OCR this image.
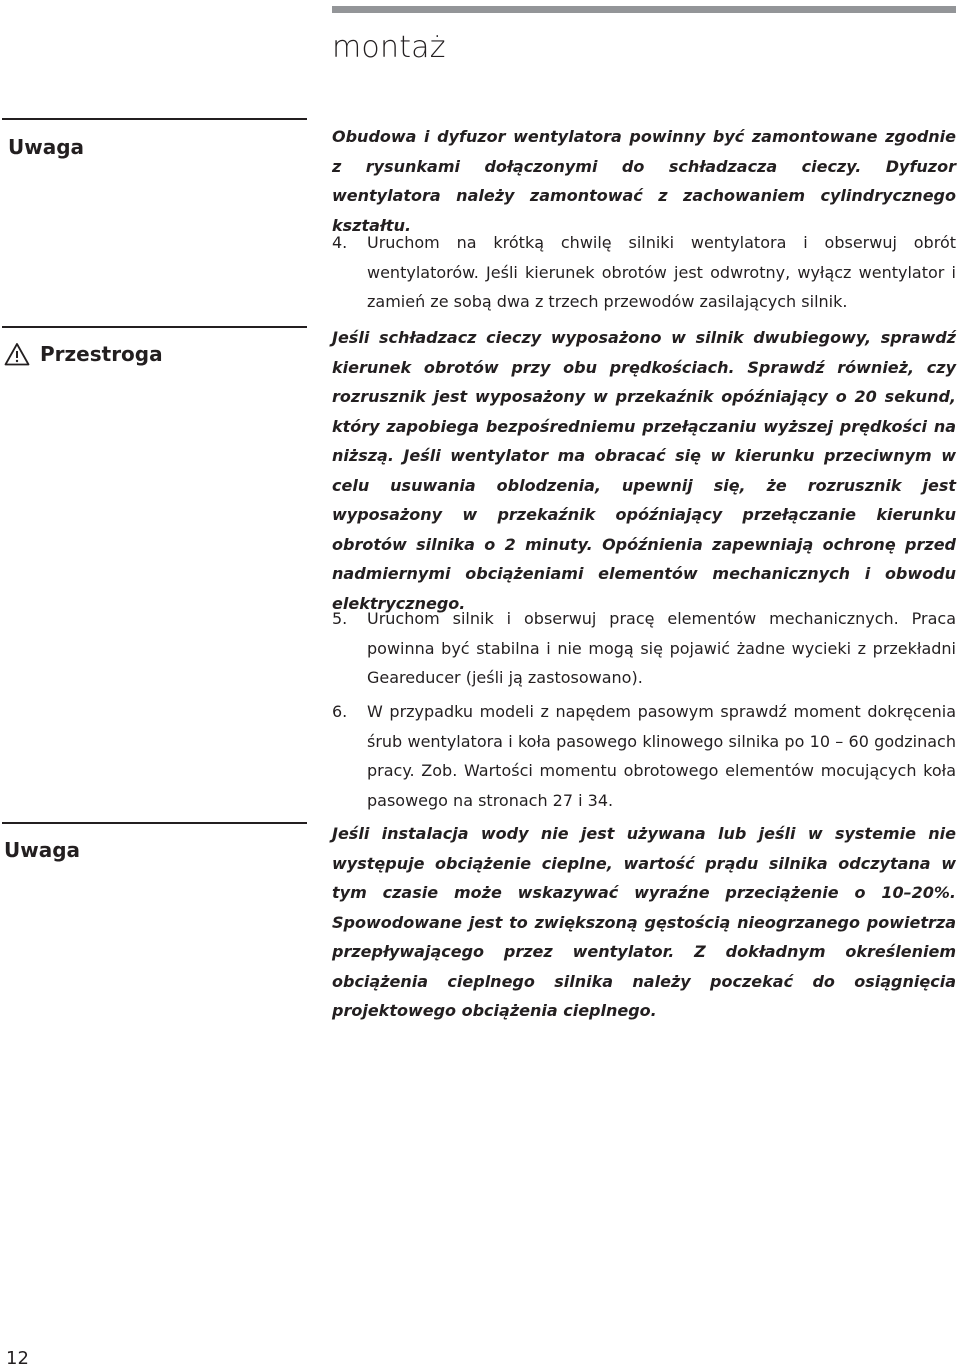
montaż
Uwaga	Obudowa i dyfuzor wentylatora powinny być zamontowane zgodnie z rysunkami dołączonymi do schładzacza cieczy. Dyfuzor wentylatora należy zamontować z zachowaniem cylindrycznego kształtu.

4.	Uruchom na krótką chwilę silniki wentylatora i obserwuj obrót wentylatorów. Jeśli kierunek obrotów jest odwrotny, wyłącz wentylator i zamień ze sobą dwa z trzech przewodów zasilających silnik.
Przestroga

Jeśli schładzacz cieczy wyposażono w silnik dwubiegowy, sprawdź kierunek obrotów przy obu prędkościach. Sprawdź również, czy rozrusznik jest wyposażony w przekaźnik opóźniający o 20 sekund, który zapobiega bezpośredniemu przełączaniu wyższej prędkości na niższą. Jeśli wentylator ma obracać się w kierunku przeciwnym w celu usuwania oblodzenia, upewnij się, że rozrusznik jest wyposażony w przekaźnik opóźniający przełączanie kierunku obrotów silnika o 2 minuty. Opóźnienia zapewniają ochronę przed nadmiernymi obciążeniami elementów mechanicznych i obwodu elektrycznego.

5.	Uruchom silnik i obserwuj pracę elementów mechanicznych. Praca powinna być stabilna i nie mogą się pojawić żadne wycieki z przekładni Geareducer (jeśli ją zastosowano).
6.	W przypadku modeli z napędem pasowym sprawdź moment dokręcenia śrub wentylatora i koła pasowego klinowego silnika po 10 – 60 godzinach pracy. Zob. Wartości momentu obrotowego elementów mocujących koła pasowego na stronach 27 i 34.
Uwaga

Jeśli instalacja wody nie jest używana lub jeśli w systemie nie występuje obciążenie cieplne, wartość prądu silnika odczytana w tym czasie może wskazywać wyraźne przeciążenie o 10–20%. Spowodowane jest to zwiększoną gęstością nieogrzanego powietrza przepływającego przez wentylator. Z dokładnym określeniem obciążenia cieplnego silnika należy poczekać do osiągnięcia projektowego obciążenia cieplnego.

12
